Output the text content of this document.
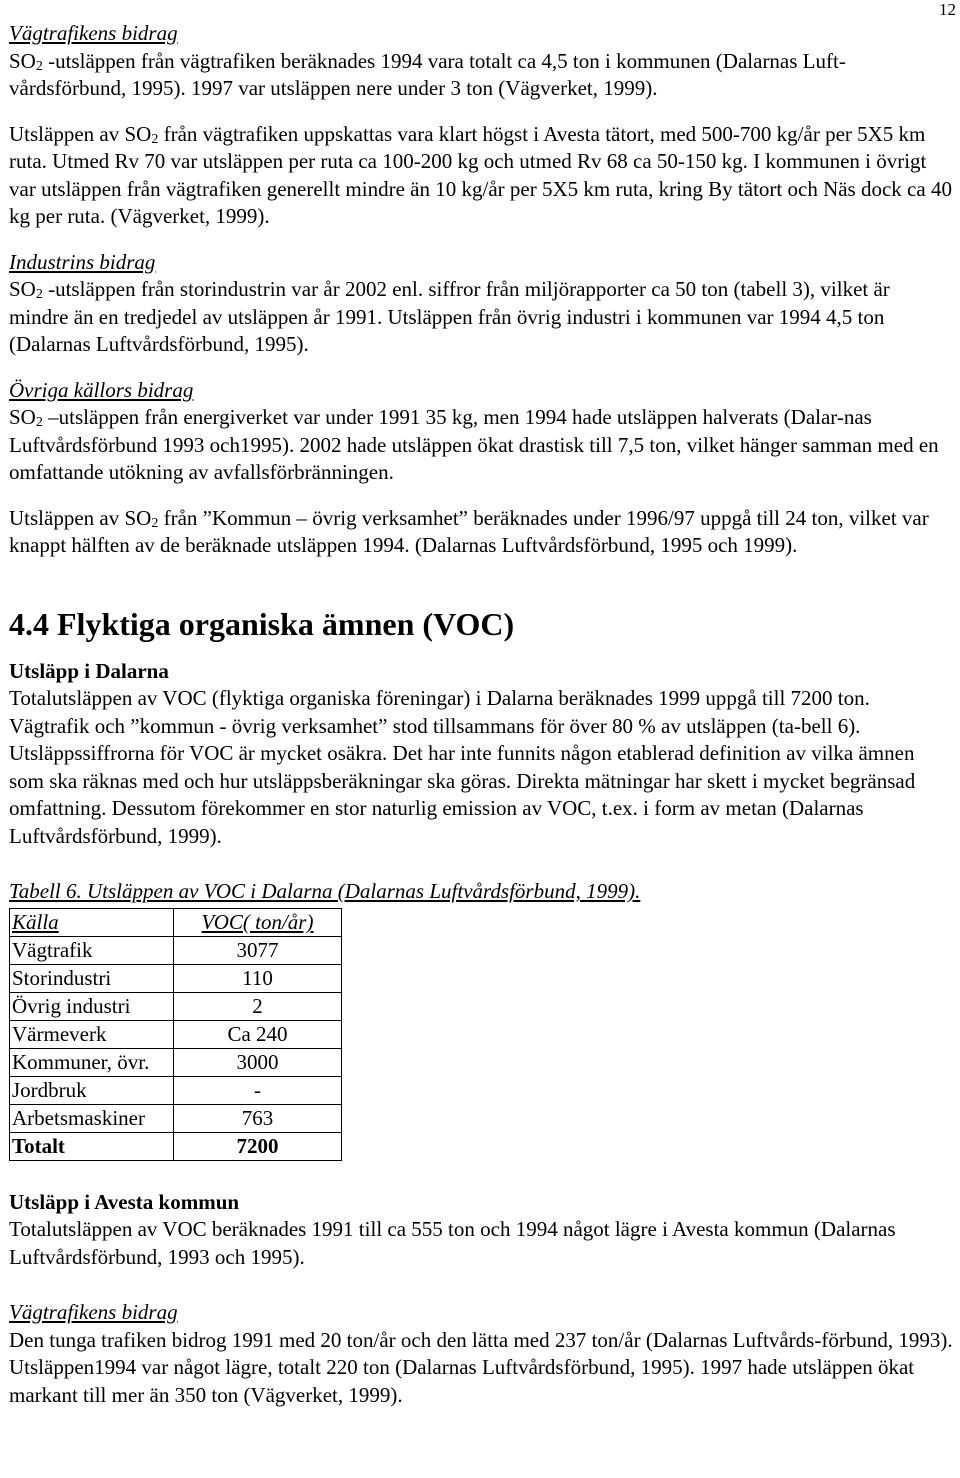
12

Vägtrafikens bidrag

SO2 -utsläppen från vägtrafiken beräknades 1994 vara totalt ca 4,5 ton i kommunen (Dalarnas Luft-vårdsförbund, 1995). 1997 var utsläppen nere under 3 ton (Vägverket, 1999).

Utsläppen av SO2 från vägtrafiken uppskattas vara klart högst i Avesta tätort, med 500-700 kg/år per 5X5 km ruta. Utmed Rv 70 var utsläppen per ruta ca 100-200 kg och utmed Rv 68 ca 50-150 kg. I kommunen i övrigt var utsläppen från vägtrafiken generellt mindre än 10 kg/år per 5X5 km ruta, kring By tätort och Näs dock ca 40 kg per ruta. (Vägverket, 1999).

Industrins bidrag

SO2 -utsläppen från storindustrin var år 2002 enl. siffror från miljörapporter ca 50 ton (tabell 3), vilket är mindre än en tredjedel av utsläppen år 1991. Utsläppen från övrig industri i kommunen var 1994 4,5 ton (Dalarnas Luftvårdsförbund, 1995).

Övriga källors bidrag

SO2 –utsläppen från energiverket var under 1991 35 kg, men 1994 hade utsläppen halverats (Dalar-nas Luftvårdsförbund 1993 och1995). 2002 hade utsläppen ökat drastisk till 7,5 ton, vilket hänger samman med en omfattande utökning av avfallsförbränningen.

Utsläppen av SO2 från ”Kommun – övrig verksamhet” beräknades under 1996/97 uppgå till 24 ton, vilket var knappt hälften av de beräknade utsläppen 1994. (Dalarnas Luftvårdsförbund, 1995 och 1999).

4.4 Flyktiga organiska ämnen (VOC)

Utsläpp i Dalarna

Totalutsläppen av VOC (flyktiga organiska föreningar) i Dalarna beräknades 1999 uppgå till 7200 ton. Vägtrafik och ”kommun - övrig verksamhet” stod tillsammans för över 80 % av utsläppen (ta-bell 6). Utsläppssiffrorna för VOC är mycket osäkra. Det har inte funnits någon etablerad definition av vilka ämnen som ska räknas med och hur utsläppsberäkningar ska göras. Direkta mätningar har skett i mycket begränsad omfattning. Dessutom förekommer en stor naturlig emission av VOC, t.ex. i form av metan (Dalarnas Luftvårdsförbund, 1999).

Tabell 6. Utsläppen av VOC i Dalarna (Dalarnas Luftvårdsförbund, 1999).

Källa	VOC( ton/år)
Vägtrafik	3077
Storindustri	110
Övrig industri	2
Värmeverk	Ca 240
Kommuner, övr.	3000
Jordbruk	-
Arbetsmaskiner	763
Totalt	7200

Utsläpp i Avesta kommun

Totalutsläppen av VOC beräknades 1991 till ca 555 ton och 1994 något lägre i Avesta kommun (Dalarnas Luftvårdsförbund, 1993 och 1995).

Vägtrafikens bidrag

Den tunga trafiken bidrog 1991 med 20 ton/år och den lätta med 237 ton/år (Dalarnas Luftvårds-förbund, 1993). Utsläppen1994 var något lägre, totalt 220 ton (Dalarnas Luftvårdsförbund, 1995). 1997 hade utsläppen ökat markant till mer än 350 ton (Vägverket, 1999).
